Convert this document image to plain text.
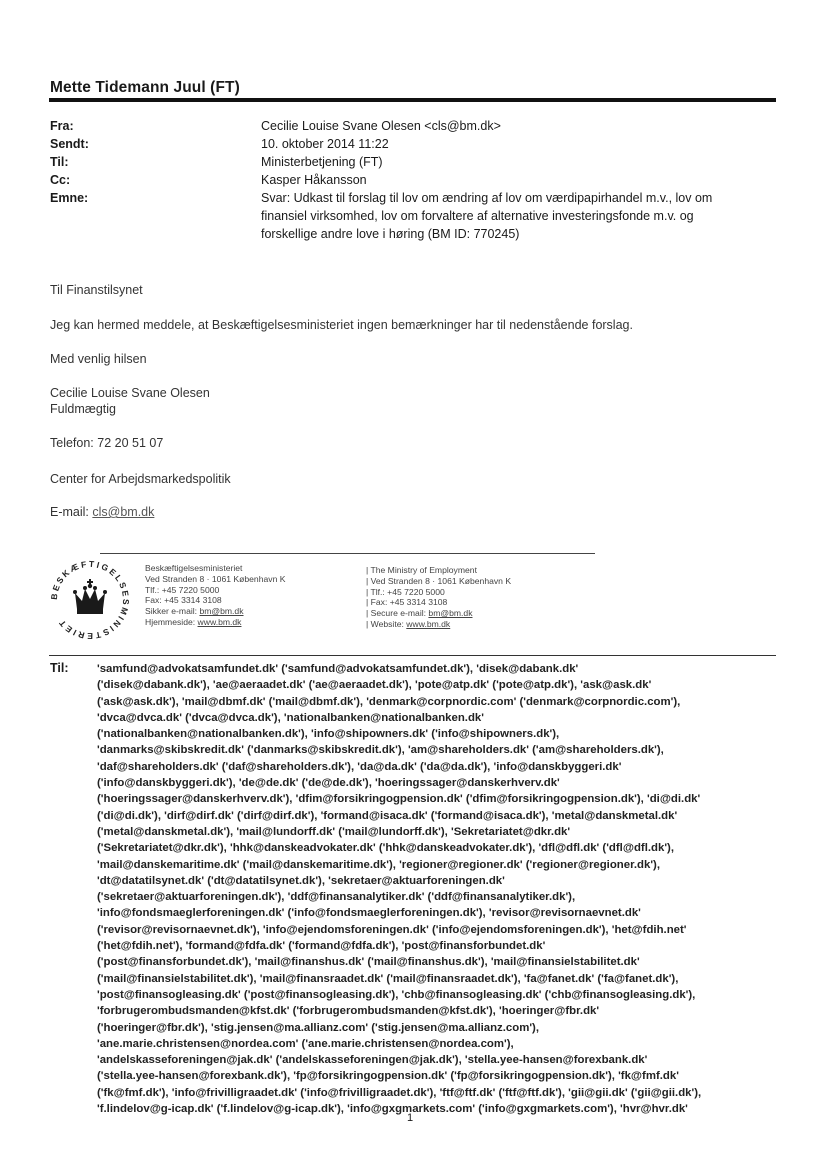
Mette Tidemann Juul (FT)
Fra:	Cecilie Louise Svane Olesen <cls@bm.dk>
Sendt:	10. oktober 2014 11:22
Til:	Ministerbetjening (FT)
Cc:	Kasper Håkansson
Emne:	Svar: Udkast til forslag til lov om ændring af lov om værdipapirhandel m.v., lov om
finansiel virksomhed, lov om forvaltere af alternative investeringsfonde m.v. og
forskellige andre love i høring (BM ID: 770245)
Til Finanstilsynet
Jeg kan hermed meddele, at Beskæftigelsesministeriet ingen bemærkninger har til nedenstående forslag.
Med venlig hilsen
Cecilie Louise Svane Olesen
Fuldmægtig
Telefon: 72 20 51 07
Center for Arbejdsmarkedspolitik
E-mail: cls@bm.dk
BESKÆFTIGELSESMINISTERIET
Beskæftigelsesministeriet
Ved Stranden 8 · 1061 København K
Tlf.: +45 7220 5000
Fax: +45 3314 3108
Sikker e-mail: bm@bm.dk
Hjemmeside: www.bm.dk
| The Ministry of Employment
| Ved Stranden 8 · 1061 København K
| Tlf.: +45 7220 5000
| Fax: +45 3314 3108
| Secure e-mail: bm@bm.dk
| Website: www.bm.dk
Til: 'samfund@advokatsamfundet.dk' ('samfund@advokatsamfundet.dk'), 'disek@dabank.dk'
('disek@dabank.dk'), 'ae@aeraadet.dk' ('ae@aeraadet.dk'), 'pote@atp.dk' ('pote@atp.dk'), 'ask@ask.dk'
('ask@ask.dk'), 'mail@dbmf.dk' ('mail@dbmf.dk'), 'denmark@corpnordic.com' ('denmark@corpnordic.com'),
'dvca@dvca.dk' ('dvca@dvca.dk'), 'nationalbanken@nationalbanken.dk'
('nationalbanken@nationalbanken.dk'), 'info@shipowners.dk' ('info@shipowners.dk'),
'danmarks@skibskredit.dk' ('danmarks@skibskredit.dk'), 'am@shareholders.dk' ('am@shareholders.dk'),
'daf@shareholders.dk' ('daf@shareholders.dk'), 'da@da.dk' ('da@da.dk'), 'info@danskbyggeri.dk'
('info@danskbyggeri.dk'), 'de@de.dk' ('de@de.dk'), 'hoeringssager@danskerhverv.dk'
('hoeringssager@danskerhverv.dk'), 'dfim@forsikringogpension.dk' ('dfim@forsikringogpension.dk'), 'di@di.dk'
('di@di.dk'), 'dirf@dirf.dk' ('dirf@dirf.dk'), 'formand@isaca.dk' ('formand@isaca.dk'), 'metal@danskmetal.dk'
('metal@danskmetal.dk'), 'mail@lundorff.dk' ('mail@lundorff.dk'), 'Sekretariatet@dkr.dk'
('Sekretariatet@dkr.dk'), 'hhk@danskeadvokater.dk' ('hhk@danskeadvokater.dk'), 'dfl@dfl.dk' ('dfl@dfl.dk'),
'mail@danskemaritime.dk' ('mail@danskemaritime.dk'), 'regioner@regioner.dk' ('regioner@regioner.dk'),
'dt@datatilsynet.dk' ('dt@datatilsynet.dk'), 'sekretaer@aktuarforeningen.dk'
('sekretaer@aktuarforeningen.dk'), 'ddf@finansanalytiker.dk' ('ddf@finansanalytiker.dk'),
'info@fondsmaeglerforeningen.dk' ('info@fondsmaeglerforeningen.dk'), 'revisor@revisornaevnet.dk'
('revisor@revisornaevnet.dk'), 'info@ejendomsforeningen.dk' ('info@ejendomsforeningen.dk'), 'het@fdih.net'
('het@fdih.net'), 'formand@fdfa.dk' ('formand@fdfa.dk'), 'post@finansforbundet.dk'
('post@finansforbundet.dk'), 'mail@finanshus.dk' ('mail@finanshus.dk'), 'mail@finansielstabilitet.dk'
('mail@finansielstabilitet.dk'), 'mail@finansraadet.dk' ('mail@finansraadet.dk'), 'fa@fanet.dk' ('fa@fanet.dk'),
'post@finansogleasing.dk' ('post@finansogleasing.dk'), 'chb@finansogleasing.dk' ('chb@finansogleasing.dk'),
'forbrugerombudsmanden@kfst.dk' ('forbrugerombudsmanden@kfst.dk'), 'hoeringer@fbr.dk'
('hoeringer@fbr.dk'), 'stig.jensen@ma.allianz.com' ('stig.jensen@ma.allianz.com'),
'ane.marie.christensen@nordea.com' ('ane.marie.christensen@nordea.com'),
'andelskasseforeningen@jak.dk' ('andelskasseforeningen@jak.dk'), 'stella.yee-hansen@forexbank.dk'
('stella.yee-hansen@forexbank.dk'), 'fp@forsikringogpension.dk' ('fp@forsikringogpension.dk'), 'fk@fmf.dk'
('fk@fmf.dk'), 'info@frivilligraadet.dk' ('info@frivilligraadet.dk'), 'ftf@ftf.dk' ('ftf@ftf.dk'), 'gii@gii.dk' ('gii@gii.dk'),
'f.lindelov@g-icap.dk' ('f.lindelov@g-icap.dk'), 'info@gxgmarkets.com' ('info@gxgmarkets.com'), 'hvr@hvr.dk'
1
